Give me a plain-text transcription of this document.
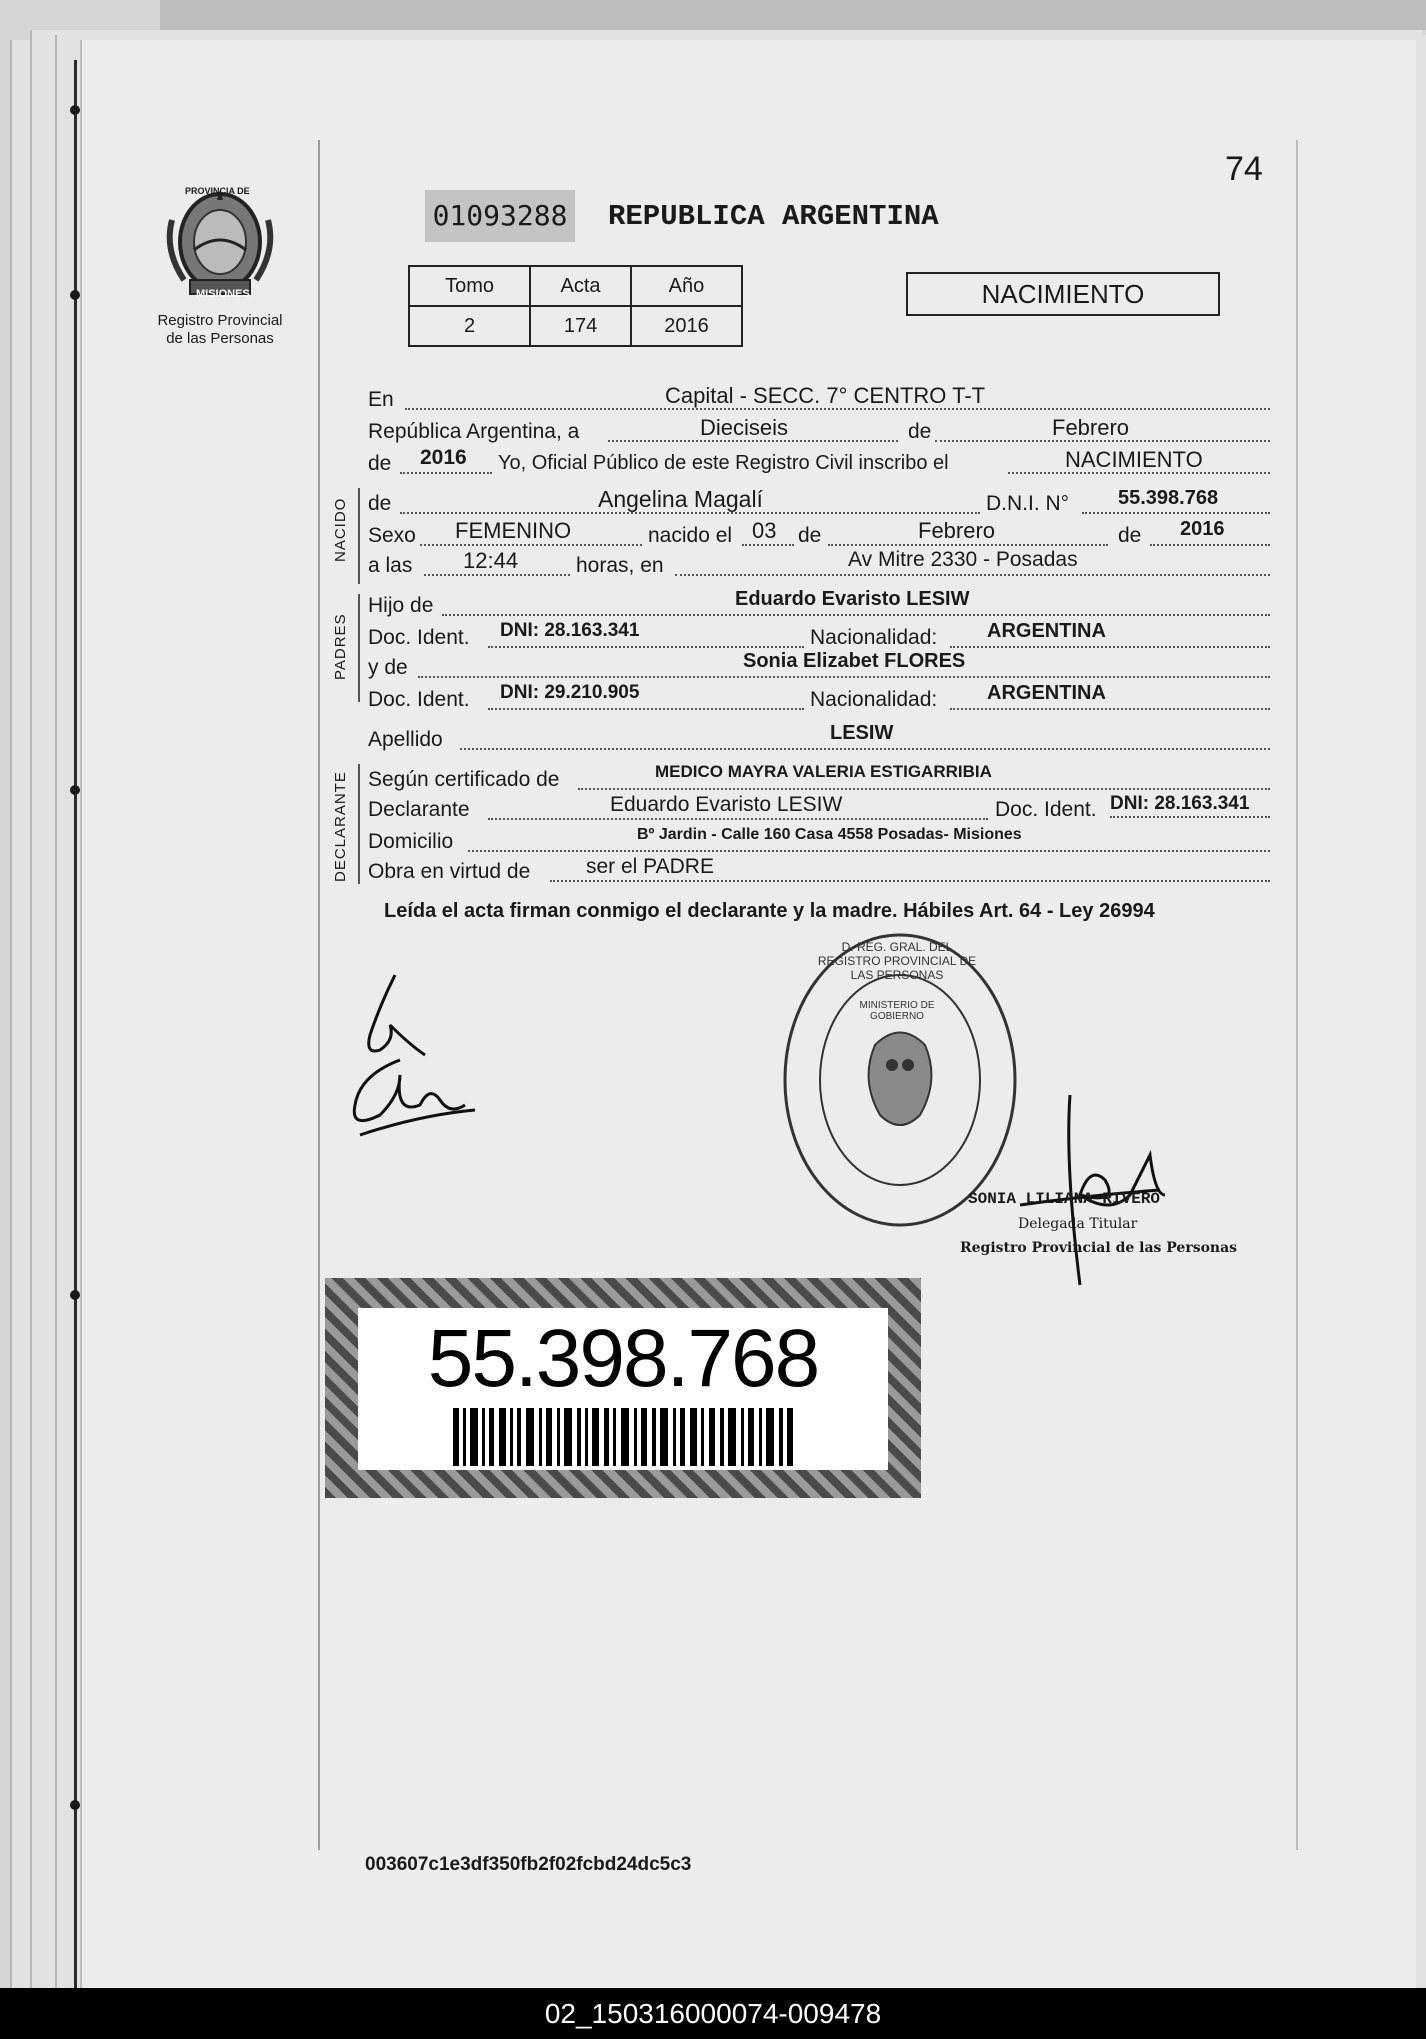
PROVINCIA DE
MISIONES
Registro Provincial
de las Personas
74
01093288 REPUBLICA ARGENTINA
Tomo	Acta	Año
2	174	2016
NACIMIENTO
En	Capital - SECC. 7° CENTRO T-T
República Argentina, a	Dieciseis	de	Febrero
de 2016 Yo, Oficial Público de este Registro Civil inscribo el	NACIMIENTO
NACIDO de	Angelina Magalí	D.N.I. N° 55.398.768
Sexo FEMENINO	nacido el 03 de	Febrero	de 2016
a las 12:44	horas, en	Av Mitre 2330 - Posadas
PADRES
Hijo de	Eduardo Evaristo LESIW
Doc. Ident. DNI: 28.163.341	Nacionalidad: ARGENTINA
y de	Sonia Elizabet FLORES
Doc. Ident. DNI: 29.210.905	Nacionalidad: ARGENTINA
Apellido	LESIW
DECLARANTE Según certificado de	MEDICO MAYRA VALERIA ESTIGARRIBIA
Declarante	Eduardo Evaristo LESIW	Doc. Ident. DNI: 28.163.341
Domicilio	Bº Jardin - Calle 160 Casa 4558 Posadas- Misiones
Obra en virtud de	ser el PADRE
Leída el acta firman conmigo el declarante y la madre. Hábiles Art. 64 - Ley 26994
D. REG. GRAL. DEL REGISTRO PROVINCIAL DE LAS PERSONAS
MINISTERIO DE GOBIERNO
SONIA LILIANA RIVERO
Delegada Titular
Registro Provincial de las Personas
55.398.768
003607c1e3df350fb2f02fcbd24dc5c3
02_150316000074-009478
